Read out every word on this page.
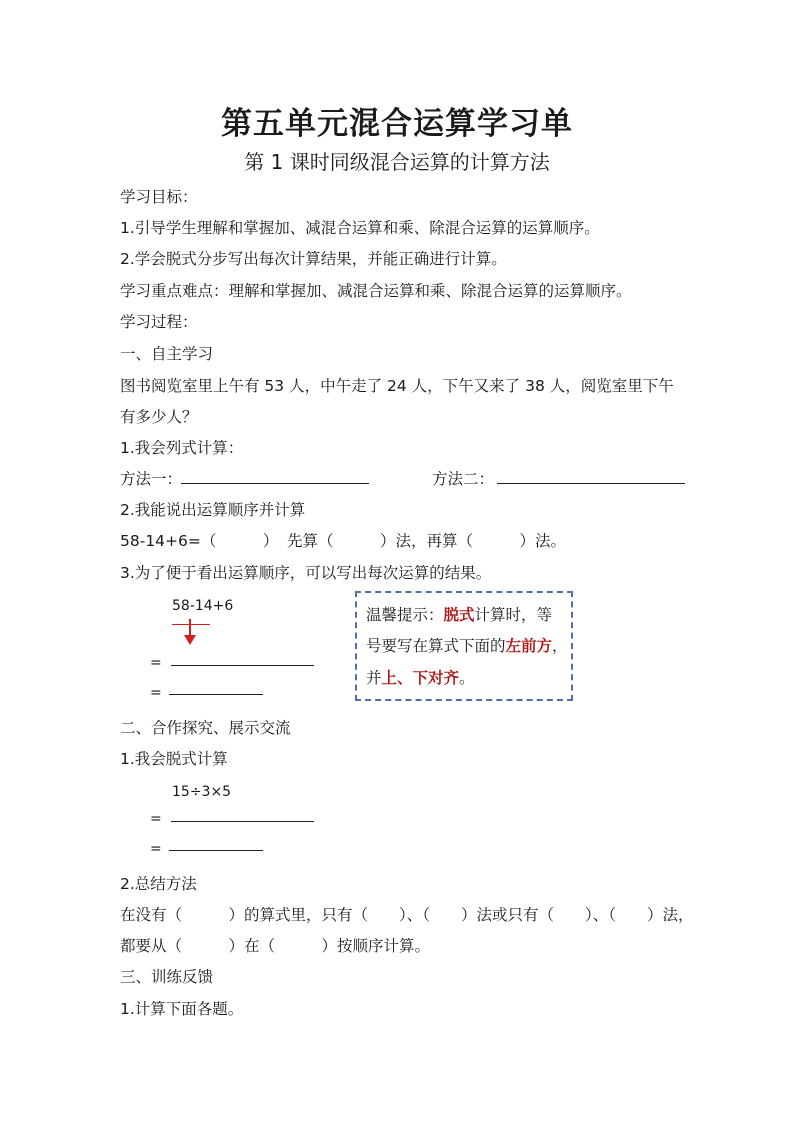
第五单元混合运算学习单
第 1 课时同级混合运算的计算方法
学习目标：
1.引导学生理解和掌握加、减混合运算和乘、除混合运算的运算顺序。
2.学会脱式分步写出每次计算结果，并能正确进行计算。
学习重点难点：理解和掌握加、减混合运算和乘、除混合运算的运算顺序。
学习过程：
一、自主学习
图书阅览室里上午有 53 人，中午走了 24 人，下午又来了 38 人，阅览室里下午
有多少人？
1.我会列式计算：
方法一：	方法二：
2.我能说出运算顺序并计算
58-14+6=（　　　） 先算（　　　）法，再算（　　　）法。
3.为了便于看出运算顺序，可以写出每次运算的结果。
58-14+6
=
=
温馨提示：脱式计算时，等
号要写在算式下面的左前方，
并上、下对齐。
二、合作探究、展示交流
1.我会脱式计算
15÷3×5
=
=
2.总结方法
在没有（　　　）的算式里，只有（　　）、（　　）法或只有（　　）、（　　）法，
都要从（　　　）在（　　　）按顺序计算。
三、训练反馈
1.计算下面各题。
